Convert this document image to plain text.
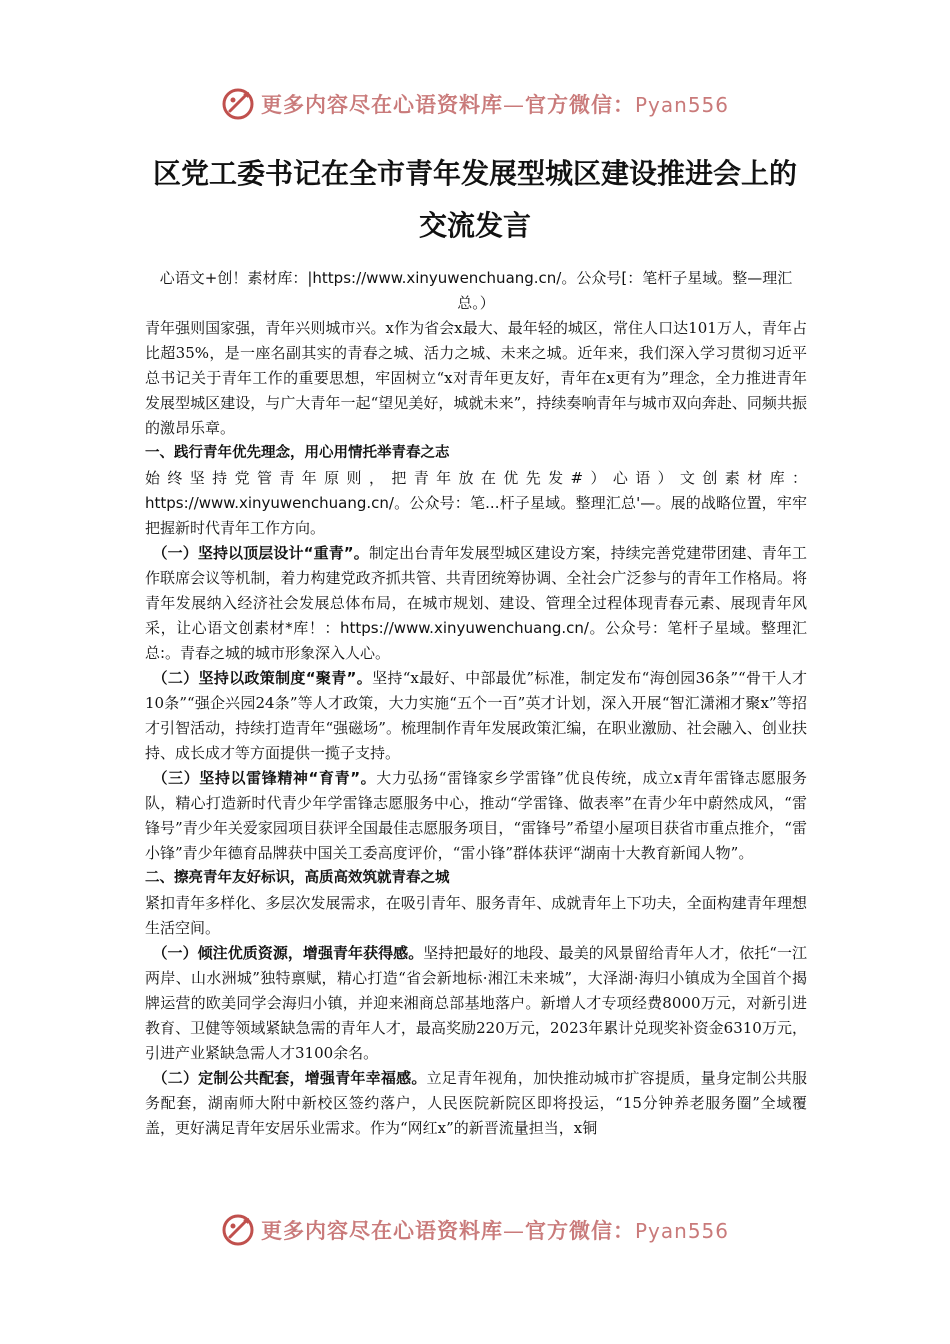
更多内容尽在心语资料库—官方微信：Pyan556
区党工委书记在全市青年发展型城区建设推进会上的
交流发言

心语文+创！素材库：|https://www.xinyuwenchuang.cn/。公众号[：笔杆子星域。整—理汇总。）

青年强则国家强，青年兴则城市兴。x作为省会x最大、最年轻的城区，常住人口达101万人，青年占比超35%，是一座名副其实的青春之城、活力之城、未来之城。近年来，我们深入学习贯彻习近平总书记关于青年工作的重要思想，牢固树立“x对青年更友好，青年在x更有为”理念，全力推进青年发展型城区建设，与广大青年一起“望见美好，城就未来”，持续奏响青年与城市双向奔赴、同频共振的激昂乐章。

一、践行青年优先理念，用心用情托举青春之志

始终坚持党管青年原则，把青年放在优先发#）心语）文创素材库：https://www.xinyuwenchuang.cn/。公众号：笔...杆子星域。整理汇总'—。展的战略位置，牢牢把握新时代青年工作方向。

（一）坚持以顶层设计“重青”。制定出台青年发展型城区建设方案，持续完善党建带团建、青年工作联席会议等机制，着力构建党政齐抓共管、共青团统筹协调、全社会广泛参与的青年工作格局。将青年发展纳入经济社会发展总体布局，在城市规划、建设、管理全过程体现青春元素、展现青年风采，让心语文创素材*库！：https://www.xinyuwenchuang.cn/。公众号：笔杆子星域。整理汇总:。青春之城的城市形象深入人心。

（二）坚持以政策制度“聚青”。坚持“x最好、中部最优”标准，制定发布“海创园36条”“骨干人才10条”“强企兴园24条”等人才政策，大力实施“五个一百”英才计划，深入开展“智汇潇湘才聚x”等招才引智活动，持续打造青年“强磁场”。梳理制作青年发展政策汇编，在职业激励、社会融入、创业扶持、成长成才等方面提供一揽子支持。

（三）坚持以雷锋精神“育青”。大力弘扬“雷锋家乡学雷锋”优良传统，成立x青年雷锋志愿服务队，精心打造新时代青少年学雷锋志愿服务中心，推动“学雷锋、做表率”在青少年中蔚然成风，“雷锋号”青少年关爱家园项目获评全国最佳志愿服务项目，“雷锋号”希望小屋项目获省市重点推介，“雷小锋”青少年德育品牌获中国关工委高度评价，“雷小锋”群体获评“湖南十大教育新闻人物”。

二、擦亮青年友好标识，高质高效筑就青春之城

紧扣青年多样化、多层次发展需求，在吸引青年、服务青年、成就青年上下功夫，全面构建青年理想生活空间。

（一）倾注优质资源，增强青年获得感。坚持把最好的地段、最美的风景留给青年人才，依托“一江两岸、山水洲城”独特禀赋，精心打造“省会新地标·湘江未来城”，大泽湖·海归小镇成为全国首个揭牌运营的欧美同学会海归小镇，并迎来湘商总部基地落户。新增人才专项经费8000万元，对新引进教育、卫健等领域紧缺急需的青年人才，最高奖励220万元，2023年累计兑现奖补资金6310万元，引进产业紧缺急需人才3100余名。

（二）定制公共配套，增强青年幸福感。立足青年视角，加快推动城市扩容提质，量身定制公共服务配套，湖南师大附中新校区签约落户，人民医院新院区即将投运，“15分钟养老服务圈”全域覆盖，更好满足青年安居乐业需求。作为“网红x”的新晋流量担当，x铜

更多内容尽在心语资料库—官方微信：Pyan556
